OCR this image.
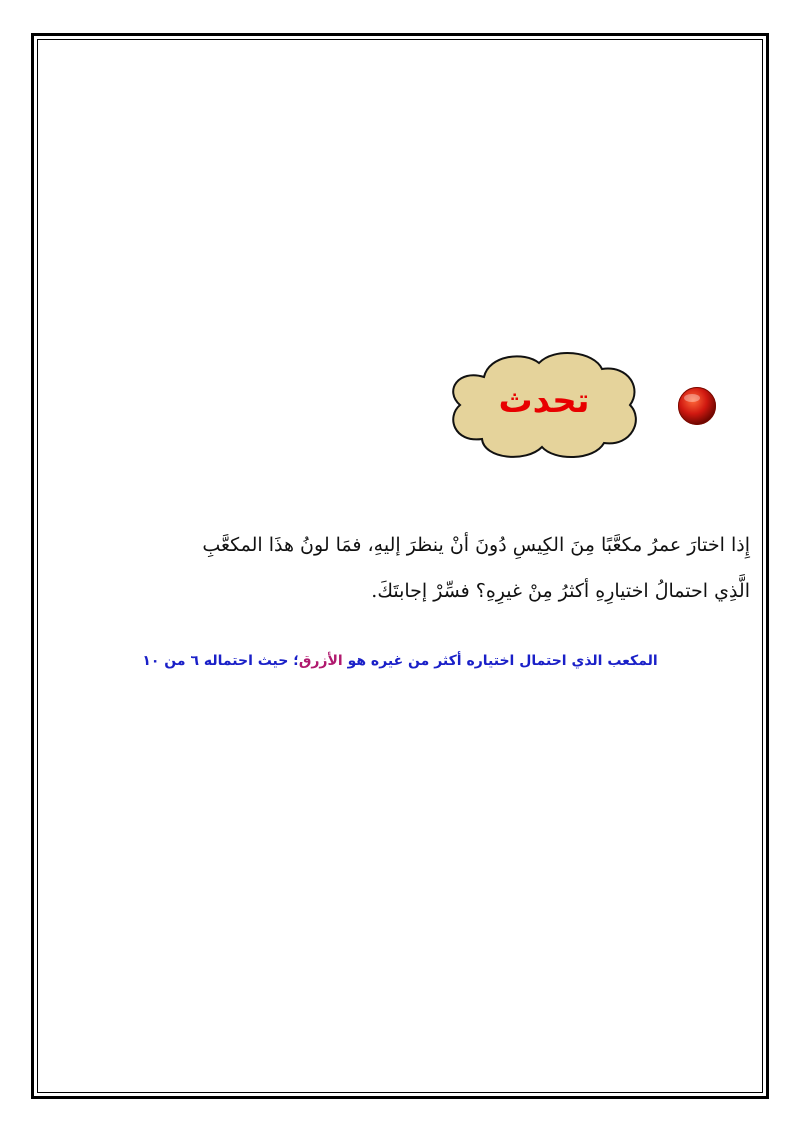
تحدث

إِذا اختارَ عمرُ مكعَّبًا مِنَ الكِيسِ دُونَ أنْ ينظرَ إليهِ، فمَا لونُ هذَا المكعَّبِ

الَّذِي احتمالُ اختيارِهِ أكثرُ مِنْ غيرِهِ؟ فسِّرْ إجابتَكَ.

المكعب الذي احتمال اختياره أكثر من غيره هو الأزرق؛ حيث احتماله ٦ من ١٠
